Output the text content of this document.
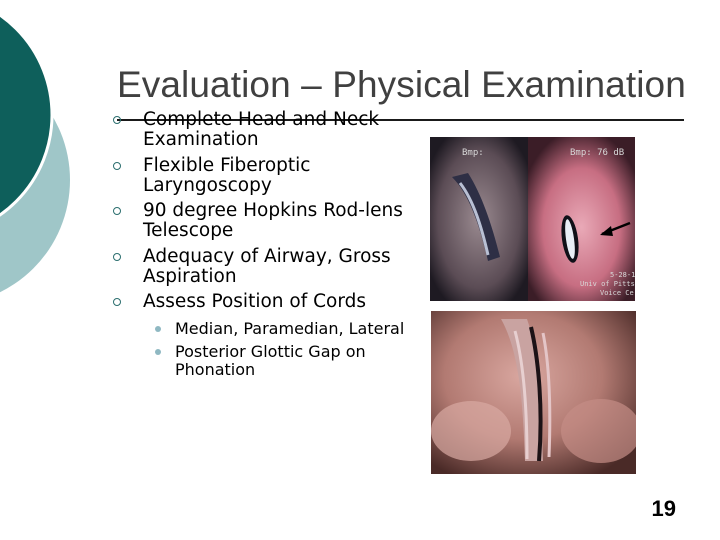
Evaluation – Physical Examination
Complete Head and Neck Examination
Flexible Fiberoptic Laryngoscopy
90 degree Hopkins Rod-lens Telescope
Adequacy of Airway, Gross Aspiration
Assess Position of Cords
Median, Paramedian, Lateral
Posterior Glottic Gap on Phonation
Bmp:	Bmp: 76 dB
5-28-1
Univ of Pitts
Voice Ce
19
